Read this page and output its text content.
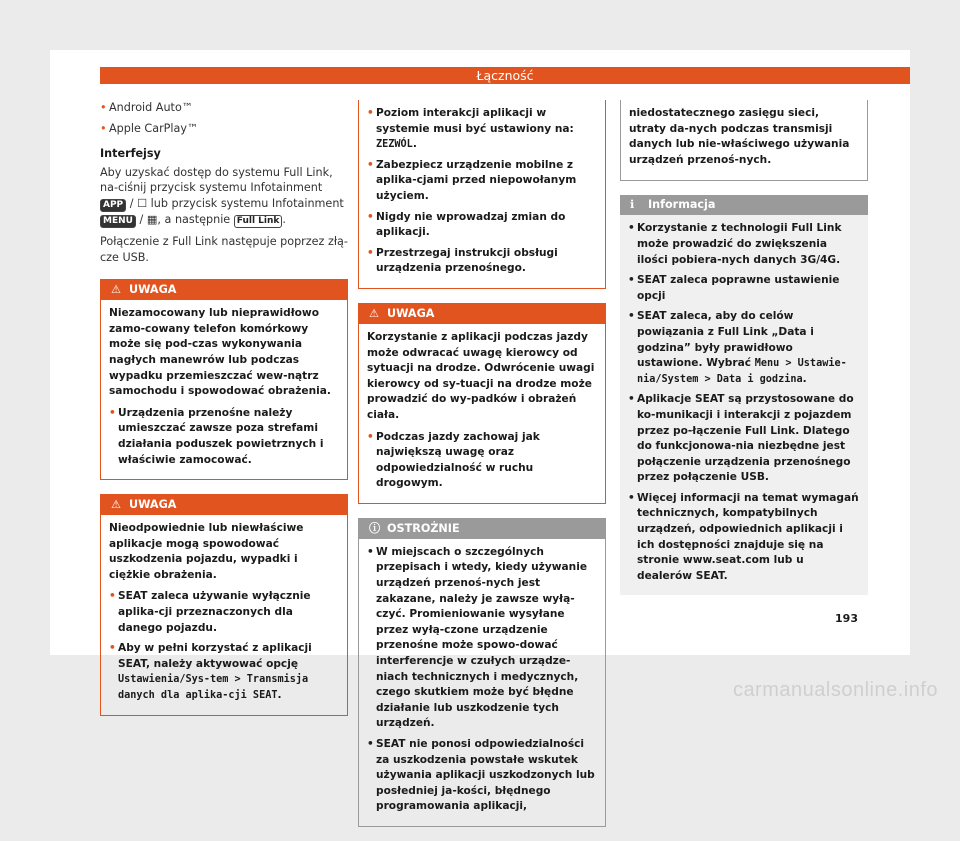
Łączność
• Android Auto™
• Apple CarPlay™
Interfejsy

Aby uzyskać dostęp do systemu Full Link, na-ciśnij przycisk systemu Infotainment APP / ☐ lub przycisk systemu Infotainment MENU / ▦, a następnie Full Link .

Połączenie z Full Link następuje poprzez złą-cze USB.

⚠ UWAGA

Niezamocowany lub nieprawidłowo zamo-cowany telefon komórkowy może się pod-czas wykonywania nagłych manewrów lub podczas wypadku przemieszczać wew-nątrz samochodu i spowodować obrażenia.

• Urządzenia przenośne należy umieszczać zawsze poza strefami działania poduszek powietrznych i właściwie zamocować.
⚠ UWAGA

Nieodpowiednie lub niewłaściwe aplikacje mogą spowodować uszkodzenia pojazdu, wypadki i ciężkie obrażenia.

• SEAT zaleca używanie wyłącznie aplika-cji przeznaczonych dla danego pojazdu.
• Aby w pełni korzystać z aplikacji SEAT, należy aktywować opcję Ustawienia/Sys-tem > Transmisja danych dla aplika-cji SEAT.
• Poziom interakcji aplikacji w systemie musi być ustawiony na: ZEZWÓL.
• Zabezpiecz urządzenie mobilne z aplika-cjami przed niepowołanym użyciem.
• Nigdy nie wprowadzaj zmian do aplikacji.
• Przestrzegaj instrukcji obsługi urządzenia przenośnego.
⚠ UWAGA

Korzystanie z aplikacji podczas jazdy może odwracać uwagę kierowcy od sytuacji na drodze. Odwrócenie uwagi kierowcy od sy-tuacji na drodze może prowadzić do wy-padków i obrażeń ciała.

• Podczas jazdy zachowaj jak największą uwagę oraz odpowiedzialność w ruchu drogowym.
ⓘ OSTROŻNIE
• W miejscach o szczególnych przepisach i wtedy, kiedy używanie urządzeń przenoś-nych jest zakazane, należy je zawsze wyłą-czyć. Promieniowanie wysyłane przez wyłą-czone urządzenie przenośne może spowo-dować interferencje w czułych urządze-niach technicznych i medycznych, czego skutkiem może być błędne działanie lub uszkodzenie tych urządzeń.
• SEAT nie ponosi odpowiedzialności za uszkodzenia powstałe wskutek używania aplikacji uszkodzonych lub posłedniej ja-kości, błędnego programowania aplikacji,

niedostatecznego zasięgu sieci, utraty da-nych podczas transmisji danych lub nie-właściwego używania urządzeń przenoś-nych.

ℹ Informacja
• Korzystanie z technologii Full Link może prowadzić do zwiększenia ilości pobiera-nych danych 3G/4G.
• SEAT zaleca poprawne ustawienie opcji
• SEAT zaleca, aby do celów powiązania z Full Link „Data i godzina” były prawidłowo ustawione. Wybrać Menu > Ustawie-nia/System > Data i godzina.
• Aplikacje SEAT są przystosowane do ko-munikacji i interakcji z pojazdem przez po-łączenie Full Link. Dlatego do funkcjonowa-nia niezbędne jest połączenie urządzenia przenośnego przez połączenie USB.
• Więcej informacji na temat wymagań technicznych, kompatybilnych urządzeń, odpowiednich aplikacji i ich dostępności znajduje się na stronie www.seat.com lub u dealerów SEAT.
193
carmanualsonline.info
